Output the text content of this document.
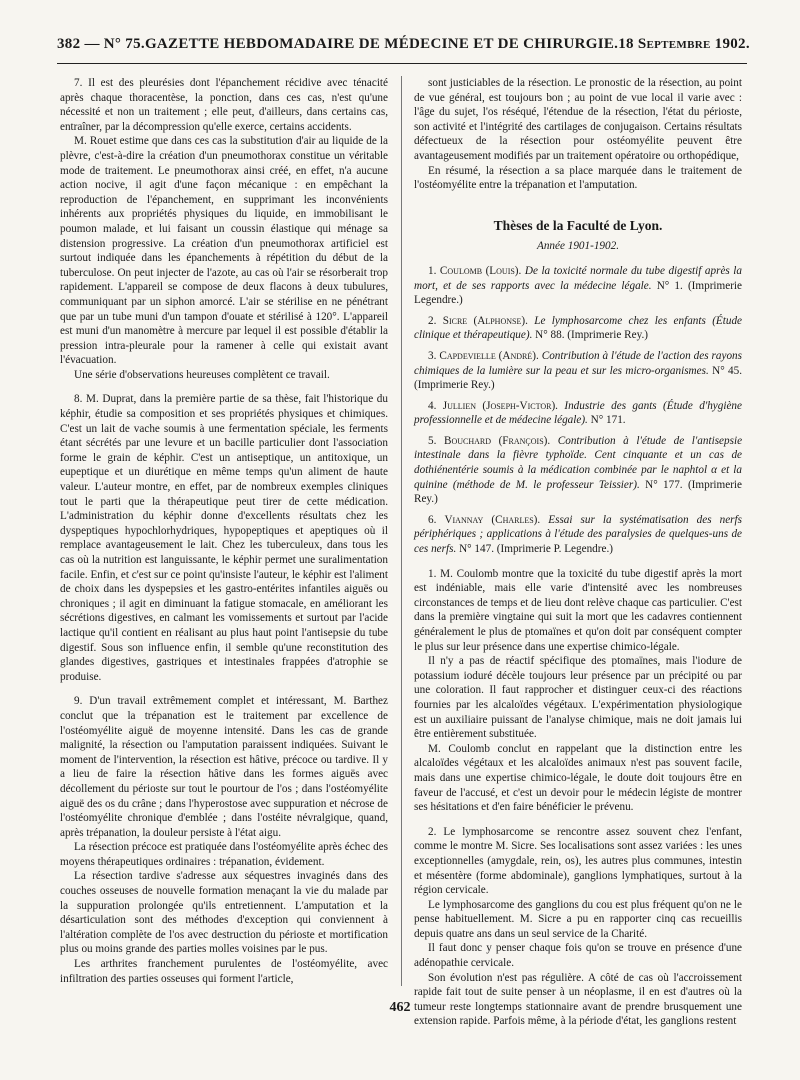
382 — N° 75. GAZETTE HEBDOMADAIRE DE MÉDECINE ET DE CHIRURGIE. 18 Septembre 1902.

7. Il est des pleurésies dont l'épanchement récidive avec ténacité après chaque thoracentèse, la ponction, dans ces cas, n'est qu'une nécessité et non un traitement ; elle peut, d'ailleurs, dans certains cas, entraîner, par la décompression qu'elle exerce, certains accidents.

M. Rouet estime que dans ces cas la substitution d'air au liquide de la plèvre, c'est-à-dire la création d'un pneumothorax constitue un véritable mode de traitement. Le pneumothorax ainsi créé, en effet, n'a aucune action nocive, il agit d'une façon mécanique : en empêchant la reproduction de l'épanchement, en supprimant les inconvénients inhérents aux propriétés physiques du liquide, en immobilisant le poumon malade, et lui faisant un coussin élastique qui ménage sa distension progressive. La création d'un pneumothorax artificiel est surtout indiquée dans les épanchements à répétition du début de la tuberculose. On peut injecter de l'azote, au cas où l'air se résorberait trop rapidement. L'appareil se compose de deux flacons à deux tubulures, communiquant par un siphon amorcé. L'air se stérilise en ne pénétrant que par un tube muni d'un tampon d'ouate et stérilisé à 120°. L'appareil est muni d'un manomètre à mercure par lequel il est possible d'établir la pression intra-pleurale pour la ramener à celle qui existait avant l'évacuation.

Une série d'observations heureuses complètent ce travail.

8. M. Duprat, dans la première partie de sa thèse, fait l'historique du képhir, étudie sa composition et ses propriétés physiques et chimiques. C'est un lait de vache soumis à une fermentation spéciale, les ferments étant sécrétés par une levure et un bacille particulier dont l'association forme le grain de képhir. C'est un antiseptique, un antitoxique, un eupeptique et un diurétique en même temps qu'un aliment de haute valeur. L'auteur montre, en effet, par de nombreux exemples cliniques tout le parti que la thérapeutique peut tirer de cette médication. L'administration du képhir donne d'excellents résultats chez les dyspeptiques hypochlorhydriques, hypopeptiques et apeptiques où il remplace avantageusement le lait. Chez les tuberculeux, dans tous les cas où la nutrition est languissante, le képhir permet une suralimentation facile. Enfin, et c'est sur ce point qu'insiste l'auteur, le képhir est l'aliment de choix dans les dyspepsies et les gastro-entérites infantiles aiguës ou chroniques ; il agit en diminuant la fatigue stomacale, en améliorant les sécrétions digestives, en calmant les vomissements et surtout par l'acide lactique qu'il contient en réalisant au plus haut point l'antisepsie du tube digestif. Sous son influence enfin, il semble qu'une reconstitution des glandes digestives, gastriques et intestinales frappées d'atrophie se produise.

9. D'un travail extrêmement complet et intéressant, M. Barthez conclut que la trépanation est le traitement par excellence de l'ostéomyélite aiguë de moyenne intensité. Dans les cas de grande malignité, la résection ou l'amputation paraissent indiquées. Suivant le moment de l'intervention, la résection est hâtive, précoce ou tardive. Il y a lieu de faire la résection hâtive dans les formes aiguës avec décollement du périoste sur tout le pourtour de l'os ; dans l'ostéomyélite aiguë des os du crâne ; dans l'hyperostose avec suppuration et nécrose de l'ostéomyélite chronique d'emblée ; dans l'ostéite névralgique, quand, après trépanation, la douleur persiste à l'état aigu.

La résection précoce est pratiquée dans l'ostéomyélite après échec des moyens thérapeutiques ordinaires : trépanation, évidement.

La résection tardive s'adresse aux séquestres invaginés dans des couches osseuses de nouvelle formation menaçant la vie du malade par la suppuration prolongée qu'ils entretiennent. L'amputation et la désarticulation sont des méthodes d'exception qui conviennent à l'altération complète de l'os avec destruction du périoste et mortification plus ou moins grande des parties molles voisines par le pus.

Les arthrites franchement purulentes de l'ostéomyélite, avec infiltration des parties osseuses qui forment l'article,

sont justiciables de la résection. Le pronostic de la résection, au point de vue général, est toujours bon ; au point de vue local il varie avec : l'âge du sujet, l'os réséqué, l'étendue de la résection, l'état du périoste, son activité et l'intégrité des cartilages de conjugaison. Certains résultats défectueux de la résection pour ostéomyélite peuvent être avantageusement modifiés par un traitement opératoire ou orthopédique,

En résumé, la résection a sa place marquée dans le traitement de l'ostéomyélite entre la trépanation et l'amputation.

Thèses de la Faculté de Lyon.
Année 1901-1902.

1. Coulomb (Louis). De la toxicité normale du tube digestif après la mort, et de ses rapports avec la médecine légale. N° 1. (Imprimerie Legendre.)

2. Sicre (Alphonse). Le lymphosarcome chez les enfants (Étude clinique et thérapeutique). N° 88. (Imprimerie Rey.)

3. Capdevielle (André). Contribution à l'étude de l'action des rayons chimiques de la lumière sur la peau et sur les micro-organismes. N° 45. (Imprimerie Rey.)

4. Jullien (Joseph-Victor). Industrie des gants (Étude d'hygiène professionnelle et de médecine légale). N° 171.

5. Bouchard (François). Contribution à l'étude de l'antisepsie intestinale dans la fièvre typhoïde. Cent cinquante et un cas de dothiénentérie soumis à la médication combinée par le naphtol α et la quinine (méthode de M. le professeur Teissier). N° 177. (Imprimerie Rey.)

6. Viannay (Charles). Essai sur la systématisation des nerfs périphériques ; applications à l'étude des paralysies de quelques-uns de ces nerfs. N° 147. (Imprimerie P. Legendre.)

1. M. Coulomb montre que la toxicité du tube digestif après la mort est indéniable, mais elle varie d'intensité avec les nombreuses circonstances de temps et de lieu dont relève chaque cas particulier. C'est dans la première vingtaine qui suit la mort que les cadavres contiennent généralement le plus de ptomaïnes et qu'on doit par conséquent compter le plus sur leur présence dans une expertise chimico-légale.

Il n'y a pas de réactif spécifique des ptomaïnes, mais l'iodure de potassium ioduré décèle toujours leur présence par un précipité ou par une coloration. Il faut rapprocher et distinguer ceux-ci des réactions fournies par les alcaloïdes végétaux. L'expérimentation physiologique est un auxiliaire puissant de l'analyse chimique, mais ne doit jamais lui être entièrement substituée.

M. Coulomb conclut en rappelant que la distinction entre les alcaloïdes végétaux et les alcaloïdes animaux n'est pas souvent facile, mais dans une expertise chimico-légale, le doute doit toujours être en faveur de l'accusé, et c'est un devoir pour le médecin légiste de montrer ses hésitations et d'en faire bénéficier le prévenu.

2. Le lymphosarcome se rencontre assez souvent chez l'enfant, comme le montre M. Sicre. Ses localisations sont assez variées : les unes exceptionnelles (amygdale, rein, os), les autres plus communes, intestin et mésentère (forme abdominale), ganglions lymphatiques, surtout à la région cervicale.

Le lymphosarcome des ganglions du cou est plus fréquent qu'on ne le pense habituellement. M. Sicre a pu en rapporter cinq cas recueillis depuis quatre ans dans un seul service de la Charité.

Il faut donc y penser chaque fois qu'on se trouve en présence d'une adénopathie cervicale.

Son évolution n'est pas régulière. A côté de cas où l'accroissement rapide fait tout de suite penser à un néoplasme, il en est d'autres où la tumeur reste longtemps stationnaire avant de prendre brusquement une extension rapide. Parfois même, à la période d'état, les ganglions restent

462
